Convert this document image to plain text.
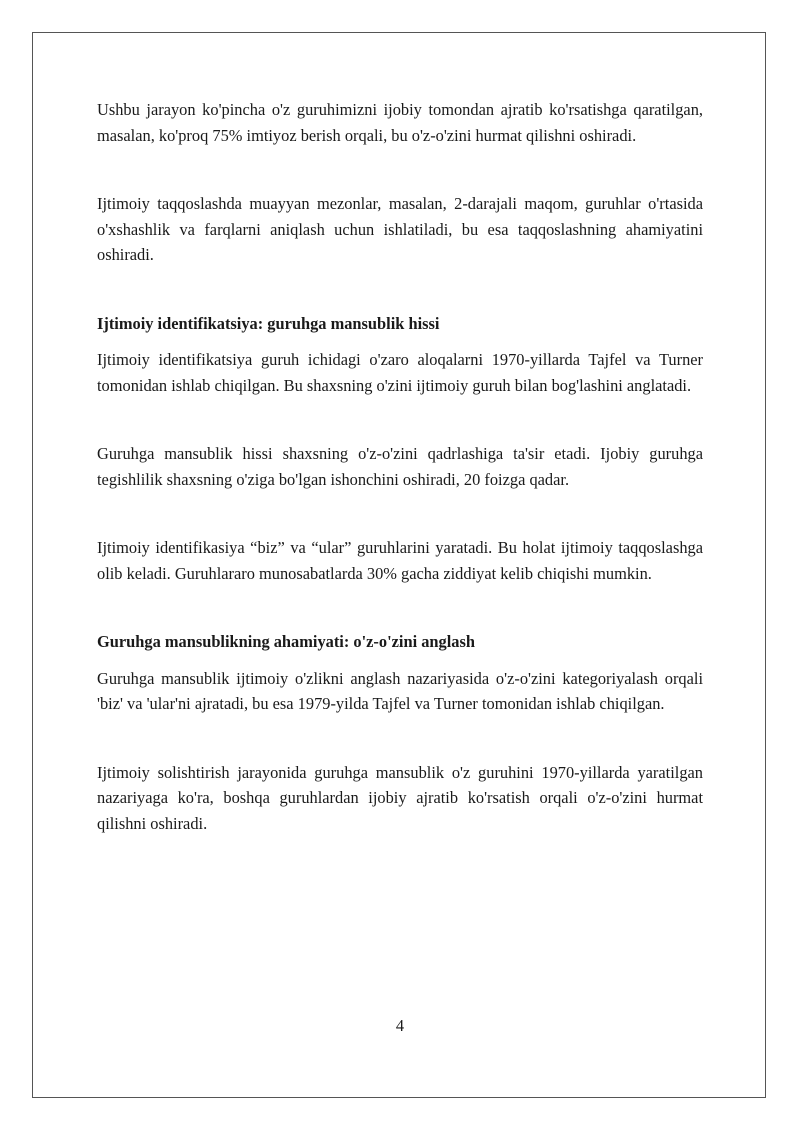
Ushbu jarayon ko'pincha o'z guruhimizni ijobiy tomondan ajratib ko'rsatishga qaratilgan, masalan, ko'proq 75% imtiyoz berish orqali, bu o'z-o'zini hurmat qilishni oshiradi.

Ijtimoiy taqqoslashda muayyan mezonlar, masalan, 2-darajali maqom, guruhlar o'rtasida o'xshashlik va farqlarni aniqlash uchun ishlatiladi, bu esa taqqoslashning ahamiyatini oshiradi.

Ijtimoiy identifikatsiya: guruhga mansublik hissi

Ijtimoiy identifikatsiya guruh ichidagi o'zaro aloqalarni 1970-yillarda Tajfel va Turner tomonidan ishlab chiqilgan. Bu shaxsning o'zini ijtimoiy guruh bilan bog'lashini anglatadi.

Guruhga mansublik hissi shaxsning o'z-o'zini qadrlashiga ta'sir etadi. Ijobiy guruhga tegishlilik shaxsning o'ziga bo'lgan ishonchini oshiradi, 20 foizga qadar.

Ijtimoiy identifikasiya “biz” va “ular” guruhlarini yaratadi. Bu holat ijtimoiy taqqoslashga olib keladi. Guruhlararo munosabatlarda 30% gacha ziddiyat kelib chiqishi mumkin.

Guruhga mansublikning ahamiyati: o'z-o'zini anglash

Guruhga mansublik ijtimoiy o'zlikni anglash nazariyasida o'z-o'zini kategoriyalash orqali 'biz' va 'ular'ni ajratadi, bu esa 1979-yilda Tajfel va Turner tomonidan ishlab chiqilgan.

Ijtimoiy solishtirish jarayonida guruhga mansublik o'z guruhini 1970-yillarda yaratilgan nazariyaga ko'ra, boshqa guruhlardan ijobiy ajratib ko'rsatish orqali o'z-o'zini hurmat qilishni oshiradi.

4
